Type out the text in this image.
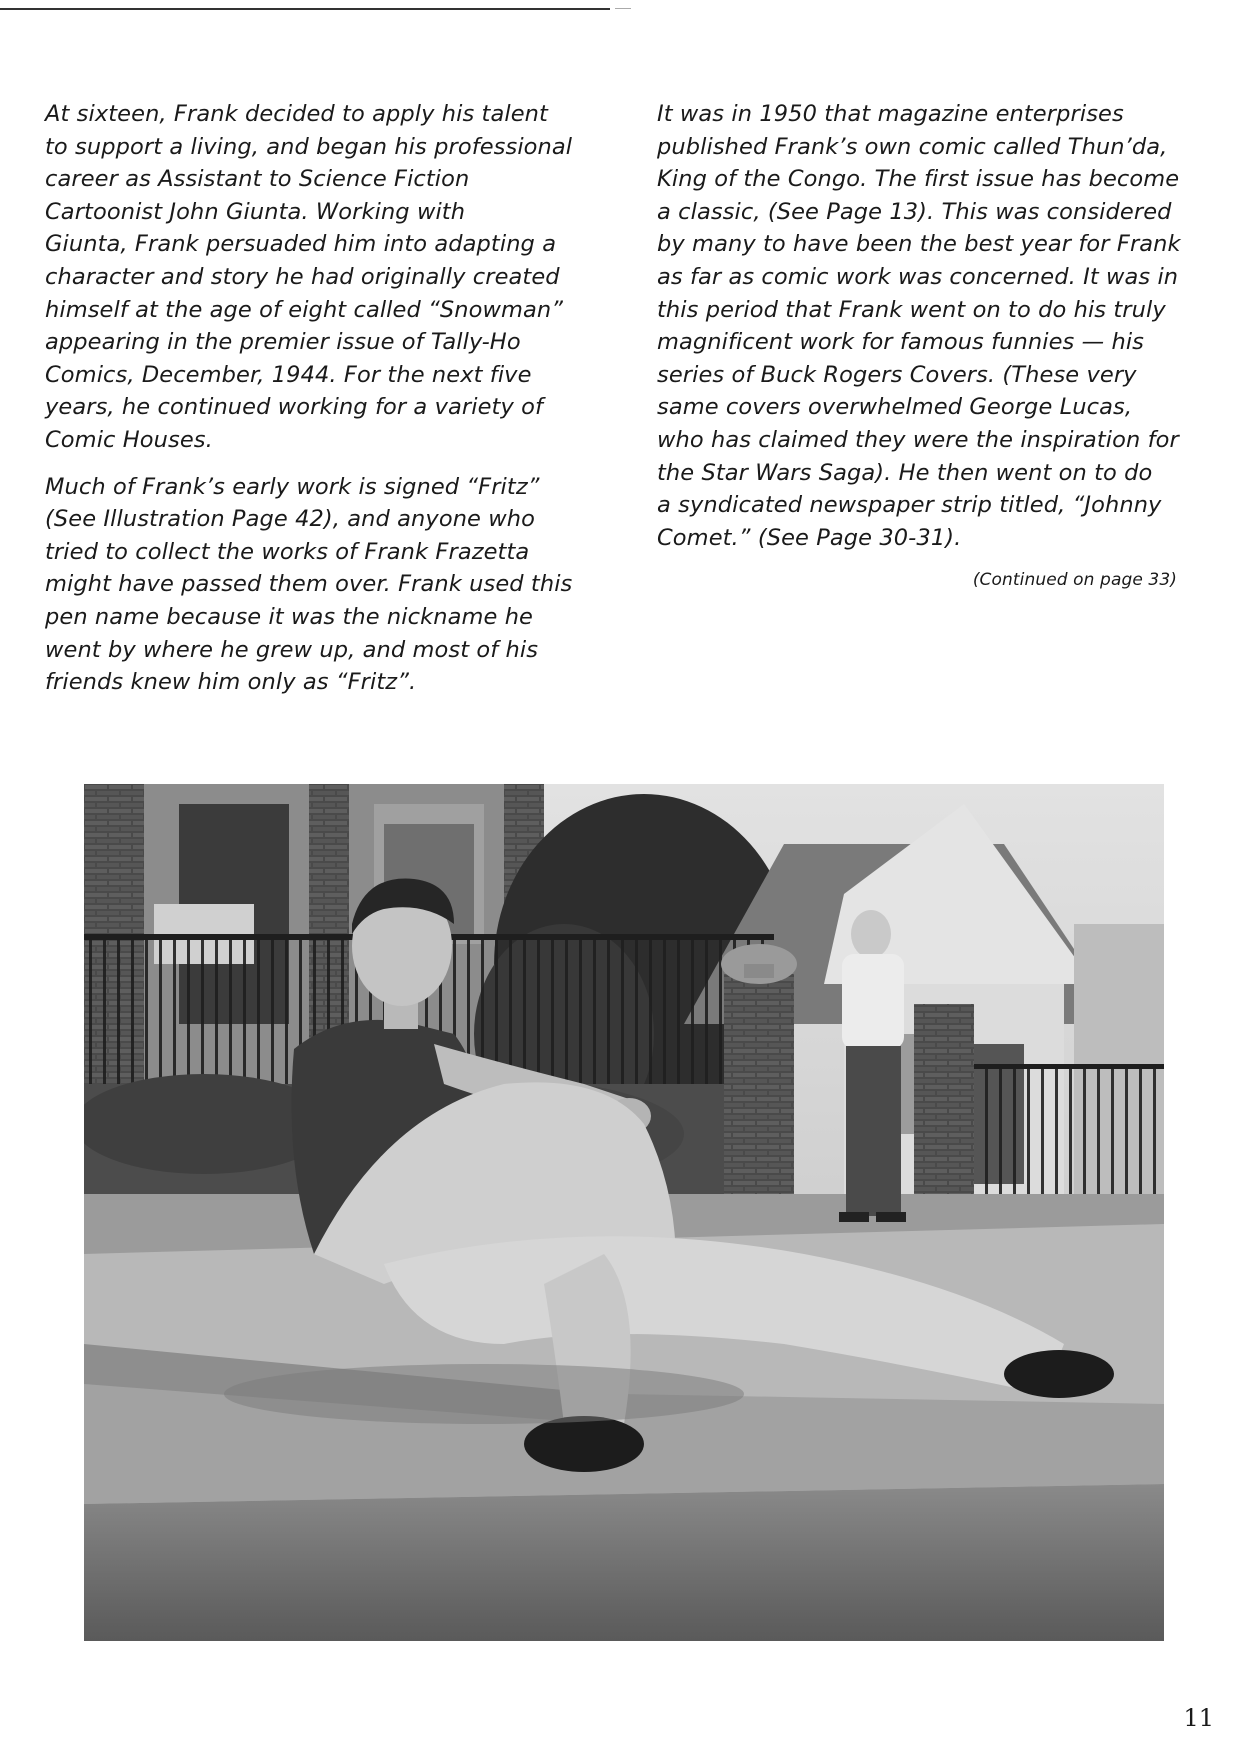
At sixteen, Frank decided to apply his talent
to support a living, and began his professional
career as Assistant to Science Fiction
Cartoonist John Giunta. Working with
Giunta, Frank persuaded him into adapting a
character and story he had originally created
himself at the age of eight called “Snowman”
appearing in the premier issue of Tally-Ho
Comics, December, 1944. For the next five
years, he continued working for a variety of
Comic Houses.

Much of Frank’s early work is signed “Fritz”
(See Illustration Page 42), and anyone who
tried to collect the works of Frank Frazetta
might have passed them over. Frank used this
pen name because it was the nickname he
went by where he grew up, and most of his
friends knew him only as “Fritz”.

It was in 1950 that magazine enterprises
published Frank’s own comic called Thun’da,
King of the Congo. The first issue has become
a classic, (See Page 13). This was considered
by many to have been the best year for Frank
as far as comic work was concerned. It was in
this period that Frank went on to do his truly
magnificent work for famous funnies — his
series of Buck Rogers Covers. (These very
same covers overwhelmed George Lucas,
who has claimed they were the inspiration for
the Star Wars Saga). He then went on to do
a syndicated newspaper strip titled, “Johnny
Comet.” (See Page 30-31).

(Continued on page 33)
11
